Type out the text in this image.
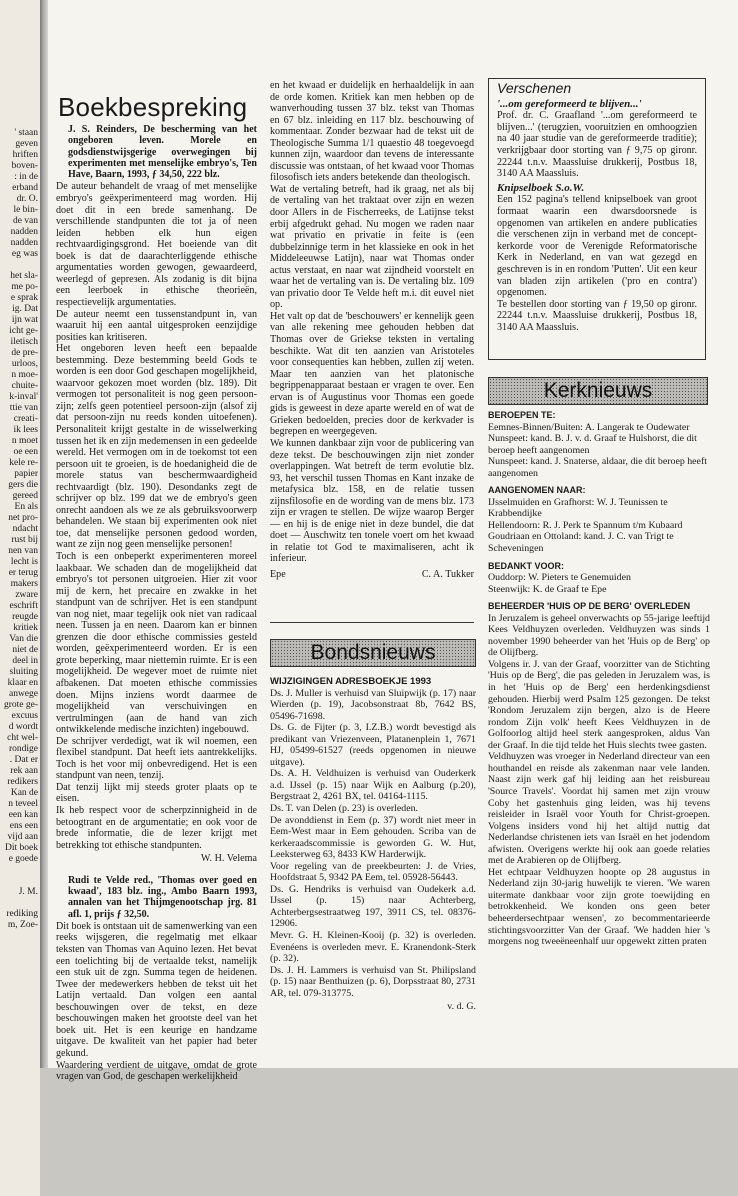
' staan
geven
hriften
boven-
: in de
erband
dr. O.
le bin-
de van
nadden
nadden
eg was

het sla-
me po-
e sprak
ig. Dat
ijn wat
icht ge-
iletisch
de pre-
urloos,
n moe-
chuite-
k-inval'
ttie van
creati-
ik lees
n moet
oe een
kele re-
papier
gers die
gereed
En als
net pro-
ndacht
rust bij
nen van
lecht is
er terug
makers
zware
eschrift
reugde
kritiek
Van die
niet de
deel in
sluiting
klaar en
anwege
grote ge-
excuus
d wordt
cht wel-
rondige
. Dat er
rek aan
redikers
Kan de
n teveel
een kan
ens een
vijd aan
Dit boek
e goede

J. M.

rediking
m, Zoe-
Boekbespreking
J. S. Reinders, De bescherming van het ongeboren leven. Morele en godsdienstwijsgerige overwegingen bij experimenten met menselijke embryo's, Ten Have, Baarn, 1993, ƒ 34,50, 222 blz.

De auteur behandelt de vraag of met menselijke embryo's geëxperimenteerd mag worden. Hij doet dit in een brede samenhang. De verschillende standpunten die tot ja of neen leiden hebben elk hun eigen rechtvaardigingsgrond. Het boeiende van dit boek is dat de daarachterliggende ethische argumentaties worden gewogen, gewaardeerd, weerlegd of gepreзen. Als zodanig is dit bijna een leerboek in ethische theorieën, respectievelijk argumentaties.

De auteur neemt een tussenstandpunt in, van waaruit hij een aantal uitgesproken eenzijdige posities kan kritiseren.

Het ongeboren leven heeft een bepaalde bestemming. Deze bestemming beeld Gods te worden is een door God geschapen mogelijkheid, waarvoor gekozen moet worden (blz. 189). Dit vermogen tot personaliteit is nog geen persoon-zijn; zelfs geen potentieel persoon-zijn (alsof zij dat persoon-zijn nu reeds konden uitoefenen). Personaliteit krijgt gestalte in de wisselwerking tussen het ik en zijn medemensen in een gedeelde wereld. Het vermogen om in de toekomst tot een persoon uit te groeien, is de hoedanigheid die de morele status van beschermwaardigheid rechtvaardigt (blz. 190). Desondanks zegt de schrijver op blz. 199 dat we de embryo's geen onrecht aandoen als we ze als gebruiksvoorwerp behandelen. We staan bij experimenten ook niet toe, dat menselijke personen gedood worden, want ze zijn nog geen menselijke personen!

Toch is een onbeperkt experimenteren moreel laakbaar. We schaden dan de mogelijkheid dat embryo's tot personen uitgroeien. Hier zit voor mij de kern, het precaire en zwakke in het standpunt van de schrijver. Het is een standpunt van nog niet, maar tegelijk ook niet van radicaal neen. Tussen ja en neen. Daarom kan er binnen grenzen die door ethische commissies gesteld worden, geëxperimenteerd worden. Er is een grote beperking, maar niettemin ruimte. Er is een mogelijkheid. De wegever moet de ruimte niet afbakenen. Dat moeten ethische commissies doen. Mijns inziens wordt daarmee de mogelijkheid van verschuivingen en vertrulmingen (aan de hand van zich ontwikkelende medische inzichten) ingebouwd.

De schrijver verdedigt, wat ik wil noemen, een flexibel standpunt. Dat heeft iets aantrekkelijks. Toch is het voor mij onbevredigend. Het is een standpunt van neen, tenzij.

Dat tenzij lijkt mij steeds groter plaats op te eisen.

Ik heb respect voor de scherpzinnigheid in de betoogtrant en de argumentatie; en ook voor de brede informatie, die de lezer krijgt met betrekking tot ethische standpunten.

W. H. Velema
Rudi te Velde red., 'Thomas over goed en kwaad', 183 blz. ing., Ambo Baarn 1993, annalen van het Thijmgenootschap jrg. 81 afl. 1, prijs ƒ 32,50.

Dit boek is ontstaan uit de samenwerking van een reeks wijsgeren, die regelmatig met elkaar teksten van Thomas van Aquino lezen. Het bevat een toelichting bij de vertaalde tekst, namelijk een stuk uit de zgn. Summa tegen de heidenen. Twee der medewerkers hebben de tekst uit het Latijn vertaald. Dan volgen een aantal beschouwingen over de tekst, en deze beschouwingen maken het grootste deel van het boek uit. Het is een keurige en handzame uitgave. De kwaliteit van het papier had beter gekund.

Waardering verdient de uitgave, omdat de grote vragen van God, de geschapen werkelijkheid

en het kwaad er duidelijk en herhaaldelijk in aan de orde komen. Kritiek kan men hebben op de wanverhouding tussen 37 blz. tekst van Thomas en 67 blz. inleiding en 117 blz. beschouwing of kommentaar. Zonder bezwaar had de tekst uit de Theologische Summa 1/1 quaestio 48 toegevoegd kunnen zijn, waardoor dan tevens de interessante discussie was ontstaan, of het kwaad voor Thomas filosofisch iets anders betekende dan theologisch.

Wat de vertaling betreft, had ik graag, net als bij de vertaling van het traktaat over zijn en wezen door Allers in de Fischerreeks, de Latijnse tekst erbij afgedrukt gehad. Nu mogen we raden naar wat privatio en privatie in feite is (een dubbelzinnige term in het klassieke en ook in het Middeleeuwse Latijn), naar wat Thomas onder actus verstaat, en naar wat zijndheid voorstelt en waar het de vertaling van is. De vertaling blz. 109 van privatio door Te Velde heft m.i. dit euvel niet op.

Het valt op dat de 'beschouwers' er kennelijk geen van alle rekening mee gehouden hebben dat Thomas over de Griekse teksten in vertaling beschikte. Wat dit ten aanzien van Aristoteles voor consequenties kan hebben, zullen zij weten. Maar ten aanzien van het platonische begrippenapparaat bestaan er vragen te over. Een ervan is of Augustinus voor Thomas een goede gids is geweest in deze aparte wereld en of wat de Grieken bedoelden, precies door de kerkvader is begrepen en weergegeven.

We kunnen dankbaar zijn voor de publicering van deze tekst. De beschouwingen zijn niet zonder overlappingen. Wat betreft de term evolutie blz. 93, het verschil tussen Thomas en Kant inzake de metafysica blz. 158, en de relatie tussen zijnsfilosofie en de wording van de mens blz. 173 zijn er vragen te stellen. De wijze waarop Berger — en hij is de enige niet in deze bundel, die dat doet — Auschwitz ten tonele voert om het kwaad in relatie tot God te maximaliseren, acht ik inferieur.

Epe	C. A. Tukker
Bondsnieuws
WIJZIGINGEN ADRESBOEKJE 1993

Ds. J. Muller is verhuisd van Sluipwijk (p. 17) naar Wierden (p. 19), Jacobsonstraat 8b, 7642 BS, 05496-71698.

Ds. G. de Fijter (p. 3, I.Z.B.) wordt bevestigd als predikant van Vriezenveen, Platanenplein 1, 7671 HJ, 05499-61527 (reeds opgenomen in nieuwe uitgave).

Ds. A. H. Veldhuizen is verhuisd van Ouderkerk a.d. IJssel (p. 15) naar Wijk en Aalburg (p.20), Bergstraat 2, 4261 BX, tel. 04164-1115.

Ds. T. van Delen (p. 23) is overleden.

De avonddienst in Eem (p. 37) wordt niet meer in Eem-West maar in Eem gehouden. Scriba van de kerkeraadscommissie is geworden G. W. Hut, Leeksterweg 63, 8433 KW Harderwijk.

Voor regeling van de preekbeurten: J. de Vries, Hoofdstraat 5, 9342 PA Eem, tel. 05928-56443.

Ds. G. Hendriks is verhuisd van Oudekerk a.d. IJssel (p. 15) naar Achterberg, Achterbergsestraatweg 197, 3911 CS, tel. 08376-12906.

Mevr. G. H. Kleinen-Kooij (p. 32) is overleden. Evenéens is overleden mevr. E. Kranendonk-Sterk (p. 32).

Ds. J. H. Lammers is verhuisd van St. Philipsland (p. 15) naar Benthuizen (p. 6), Dorpsstraat 80, 2731 AR, tel. 079-313775.

v. d. G.
Verschenen
'...om gereformeerd te blijven...'
Prof. dr. C. Graafland '...om gereformeerd te blijven...' (terugzien, vooruitzien en omhoogzien na 40 jaar studie van de gereformeerde traditie); verkrijgbaar door storting van ƒ 9,75 op gironr. 22244 t.n.v. Maassluise drukkerij, Postbus 18, 3140 AA Maassluis.
Knipselboek S.o.W.
Een 152 pagina's tellend knipselboek van groot formaat waarin een dwarsdoorsnede is opgenomen van artikelen en andere publicaties die verschenen zijn in verband met de concept-kerkorde voor de Verenigde Reformatorische Kerk in Nederland, en van wat gezegd en geschreven is in en rondom 'Putten'. Uit een keur van bladen zijn artikelen ('pro en contra') opgenomen.
Te bestellen door storting van ƒ 19,50 op gironr. 22244 t.n.v. Maassluise drukkerij, Postbus 18, 3140 AA Maassluis.
Kerknieuws
BEROEPEN TE:

Eemnes-Binnen/Buiten: A. Langerak te Oudewater

Nunspeet: kand. B. J. v. d. Graaf te Hulshorst, die dit beroep heeft aangenomen

Nunspeet: kand. J. Snaterse, aldaar, die dit beroep heeft aangenomen

AANGENOMEN NAAR:

IJsselmuiden en Grafhorst: W. J. Teunissen te Krabbendijke

Hellendoorn: R. J. Perk te Spannum t/m Kubaard

Goudriaan en Ottoland: kand. J. C. van Trigt te Scheveningen

BEDANKT VOOR:

Ouddorp: W. Pieters te Genemuiden

Steenwijk: K. de Graaf te Epe

BEHEERDER 'HUIS OP DE BERG' OVERLEDEN

In Jeruzalem is geheel onverwachts op 55-jarige leeftijd Kees Veldhuyzen overleden. Veldhuyzen was sinds 1 november 1990 beheerder van het 'Huis op de Berg' op de Olijfberg.

Volgens ir. J. van der Graaf, voorzitter van de Stichting 'Huis op de Berg', die pas geleden in Jeruzalem was, is in het 'Huis op de Berg' een herdenkingsdienst gehouden. Hierbij werd Psalm 125 gezongen. De tekst 'Rondom Jeruzalem zijn bergen, alzo is de Heere rondom Zijn volk' heeft Kees Veldhuyzen in de Golfoorlog altijd heel sterk aangesproken, aldus Van der Graaf. In die tijd telde het Huis slechts twee gasten.

Veldhuyzen was vroeger in Nederland directeur van een houthandel en reisde als zakenman naar vele landen. Naast zijn werk gaf hij leiding aan het reisbureau 'Source Travels'. Voordat hij samen met zijn vrouw Coby het gastenhuis ging leiden, was hij tevens reisleider in Israël voor Youth for Christ-groepen. Volgens insiders vond hij het altijd nuttig dat Nederlandse christenen iets van Israël en het jodendom afwisten. Overigens werkte hij ook aan goede relaties met de Arabieren op de Olijfberg.

Het echtpaar Veldhuyzen hoopte op 28 augustus in Nederland zijn 30-jarig huwelijk te vieren. 'We waren uitermate dankbaar voor zijn grote toewijding en betrokkenheid. We konden ons geen beter beheerdersechtpaar wensen', zo becommentarieerde stichtingsvoorzitter Van der Graaf. 'We hadden hier 's morgens nog tweeëneenhalf uur opgewekt zitten praten
